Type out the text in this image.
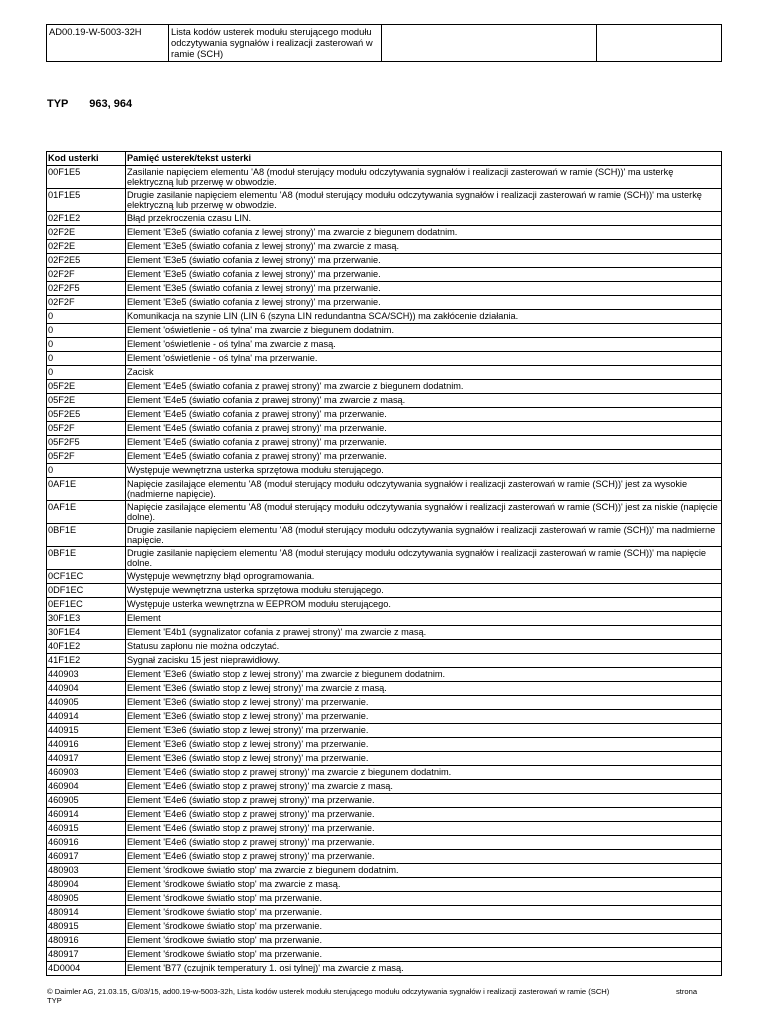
AD00.19-W-5003-32H	Lista kodów usterek modułu sterującego modułu odczytywania sygnałów i realizacji zasterowań w ramie (SCH)		
TYP 963, 964
Kod usterki	Pamięć usterek/tekst usterki
00F1E5	Zasilanie napięciem elementu 'A8 (moduł sterujący modułu odczytywania sygnałów i realizacji zasterowań w ramie (SCH))' ma usterkę elektryczną lub przerwę w obwodzie.
01F1E5	Drugie zasilanie napięciem elementu 'A8 (moduł sterujący modułu odczytywania sygnałów i realizacji zasterowań w ramie (SCH))' ma usterkę elektryczną lub przerwę w obwodzie.
02F1E2	Błąd przekroczenia czasu LIN.
02F2E	Element 'E3e5 (światło cofania z lewej strony)' ma zwarcie z biegunem dodatnim.
02F2E	Element 'E3e5 (światło cofania z lewej strony)' ma zwarcie z masą.
02F2E5	Element 'E3e5 (światło cofania z lewej strony)' ma przerwanie.
02F2F	Element 'E3e5 (światło cofania z lewej strony)' ma przerwanie.
02F2F5	Element 'E3e5 (światło cofania z lewej strony)' ma przerwanie.
02F2F	Element 'E3e5 (światło cofania z lewej strony)' ma przerwanie.
0	Komunikacja na szynie LIN (LIN 6 (szyna LIN redundantna SCA/SCH)) ma zakłócenie działania.
0	Element 'oświetlenie - oś tylna' ma zwarcie z biegunem dodatnim.
0	Element 'oświetlenie - oś tylna' ma zwarcie z masą.
0	Element 'oświetlenie - oś tylna' ma przerwanie.
0	Zacisk
05F2E	Element 'E4e5 (światło cofania z prawej strony)' ma zwarcie z biegunem dodatnim.
05F2E	Element 'E4e5 (światło cofania z prawej strony)' ma zwarcie z masą.
05F2E5	Element 'E4e5 (światło cofania z prawej strony)' ma przerwanie.
05F2F	Element 'E4e5 (światło cofania z prawej strony)' ma przerwanie.
05F2F5	Element 'E4e5 (światło cofania z prawej strony)' ma przerwanie.
05F2F	Element 'E4e5 (światło cofania z prawej strony)' ma przerwanie.
0	Występuje wewnętrzna usterka sprzętowa modułu sterującego.
0AF1E	Napięcie zasilające elementu 'A8 (moduł sterujący modułu odczytywania sygnałów i realizacji zasterowań w ramie (SCH))' jest za wysokie (nadmierne napięcie).
0AF1E	Napięcie zasilające elementu 'A8 (moduł sterujący modułu odczytywania sygnałów i realizacji zasterowań w ramie (SCH))' jest za niskie (napięcie dolne).
0BF1E	Drugie zasilanie napięciem elementu 'A8 (moduł sterujący modułu odczytywania sygnałów i realizacji zasterowań w ramie (SCH))' ma nadmierne napięcie.
0BF1E	Drugie zasilanie napięciem elementu 'A8 (moduł sterujący modułu odczytywania sygnałów i realizacji zasterowań w ramie (SCH))' ma napięcie dolne.
0CF1EC	Występuje wewnętrzny błąd oprogramowania.
0DF1EC	Występuje wewnętrzna usterka sprzętowa modułu sterującego.
0EF1EC	Występuje usterka wewnętrzna w EEPROM modułu sterującego.
30F1E3	Element
30F1E4	Element 'E4b1 (sygnalizator cofania z prawej strony)' ma zwarcie z masą.
40F1E2	Statusu zapłonu nie można odczytać.
41F1E2	Sygnał zacisku 15 jest nieprawidłowy.
440903	Element 'E3e6 (światło stop z lewej strony)' ma zwarcie z biegunem dodatnim.
440904	Element 'E3e6 (światło stop z lewej strony)' ma zwarcie z masą.
440905	Element 'E3e6 (światło stop z lewej strony)' ma przerwanie.
440914	Element 'E3e6 (światło stop z lewej strony)' ma przerwanie.
440915	Element 'E3e6 (światło stop z lewej strony)' ma przerwanie.
440916	Element 'E3e6 (światło stop z lewej strony)' ma przerwanie.
440917	Element 'E3e6 (światło stop z lewej strony)' ma przerwanie.
460903	Element 'E4e6 (światło stop z prawej strony)' ma zwarcie z biegunem dodatnim.
460904	Element 'E4e6 (światło stop z prawej strony)' ma zwarcie z masą.
460905	Element 'E4e6 (światło stop z prawej strony)' ma przerwanie.
460914	Element 'E4e6 (światło stop z prawej strony)' ma przerwanie.
460915	Element 'E4e6 (światło stop z prawej strony)' ma przerwanie.
460916	Element 'E4e6 (światło stop z prawej strony)' ma przerwanie.
460917	Element 'E4e6 (światło stop z prawej strony)' ma przerwanie.
480903	Element 'środkowe światło stop' ma zwarcie z biegunem dodatnim.
480904	Element 'środkowe światło stop' ma zwarcie z masą.
480905	Element 'środkowe światło stop' ma przerwanie.
480914	Element 'środkowe światło stop' ma przerwanie.
480915	Element 'środkowe światło stop' ma przerwanie.
480916	Element 'środkowe światło stop' ma przerwanie.
480917	Element 'środkowe światło stop' ma przerwanie.
4D0004	Element 'B77 (czujnik temperatury 1. osi tylnej)' ma zwarcie z masą.
© Daimler AG, 21.03.15, G/03/15, ad00.19-w-5003-32h, Lista kodów usterek modułu sterującego modułu odczytywania sygnałów i realizacji zasterowań w ramie (SCH)
TYP
strona
